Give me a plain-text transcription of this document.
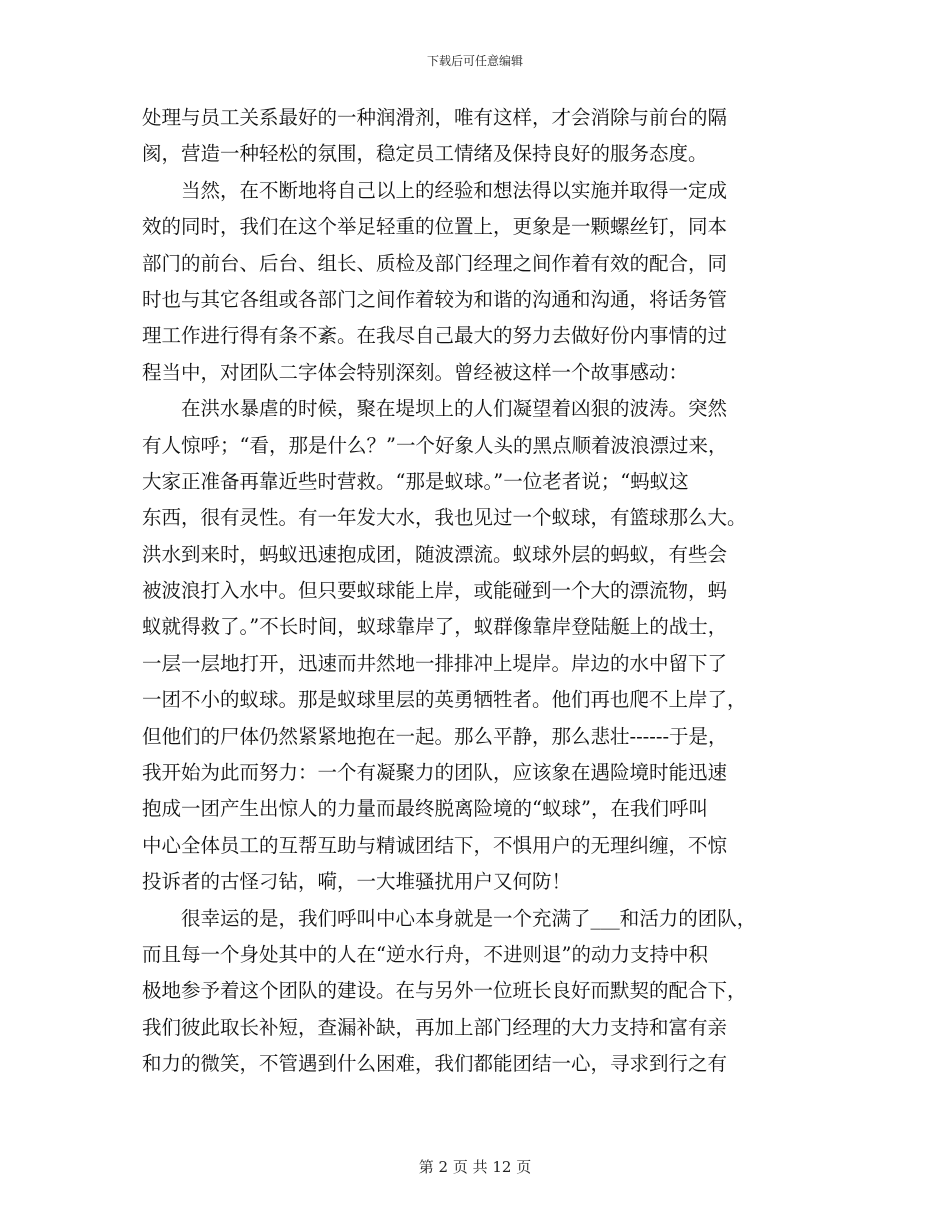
下载后可任意编辑
处理与员工关系最好的一种润滑剂，唯有这样，才会消除与前台的隔
阂，营造一种轻松的氛围，稳定员工情绪及保持良好的服务态度。
　　当然，在不断地将自己以上的经验和想法得以实施并取得一定成
效的同时，我们在这个举足轻重的位置上，更象是一颗螺丝钉，同本
部门的前台、后台、组长、质检及部门经理之间作着有效的配合，同
时也与其它各组或各部门之间作着较为和谐的沟通和沟通，将话务管
理工作进行得有条不紊。在我尽自己最大的努力去做好份内事情的过
程当中，对团队二字体会特别深刻。曾经被这样一个故事感动：
　　在洪水暴虐的时候，聚在堤坝上的人们凝望着凶狠的波涛。突然
有人惊呼；“看，那是什么？”一个好象人头的黑点顺着波浪漂过来，
大家正准备再靠近些时营救。“那是蚁球。”一位老者说；“蚂蚁这
东西，很有灵性。有一年发大水，我也见过一个蚁球，有篮球那么大。
洪水到来时，蚂蚁迅速抱成团，随波漂流。蚁球外层的蚂蚁，有些会
被波浪打入水中。但只要蚁球能上岸，或能碰到一个大的漂流物，蚂
蚁就得救了。”不长时间，蚁球靠岸了，蚁群像靠岸登陆艇上的战士，
一层一层地打开，迅速而井然地一排排冲上堤岸。岸边的水中留下了
一团不小的蚁球。那是蚁球里层的英勇牺牲者。他们再也爬不上岸了，
但他们的尸体仍然紧紧地抱在一起。那么平静，那么悲壮------于是，
我开始为此而努力：一个有凝聚力的团队，应该象在遇险境时能迅速
抱成一团产生出惊人的力量而最终脱离险境的“蚁球”，在我们呼叫
中心全体员工的互帮互助与精诚团结下，不惧用户的无理纠缠，不惊
投诉者的古怪刁钻，嗬，一大堆骚扰用户又何防！
　　很幸运的是，我们呼叫中心本身就是一个充满了___和活力的团队，
而且每一个身处其中的人在“逆水行舟，不进则退”的动力支持中积
极地参予着这个团队的建设。在与另外一位班长良好而默契的配合下，
我们彼此取长补短，查漏补缺，再加上部门经理的大力支持和富有亲
和力的微笑，不管遇到什么困难，我们都能团结一心，寻求到行之有
第 2 页 共 12 页
